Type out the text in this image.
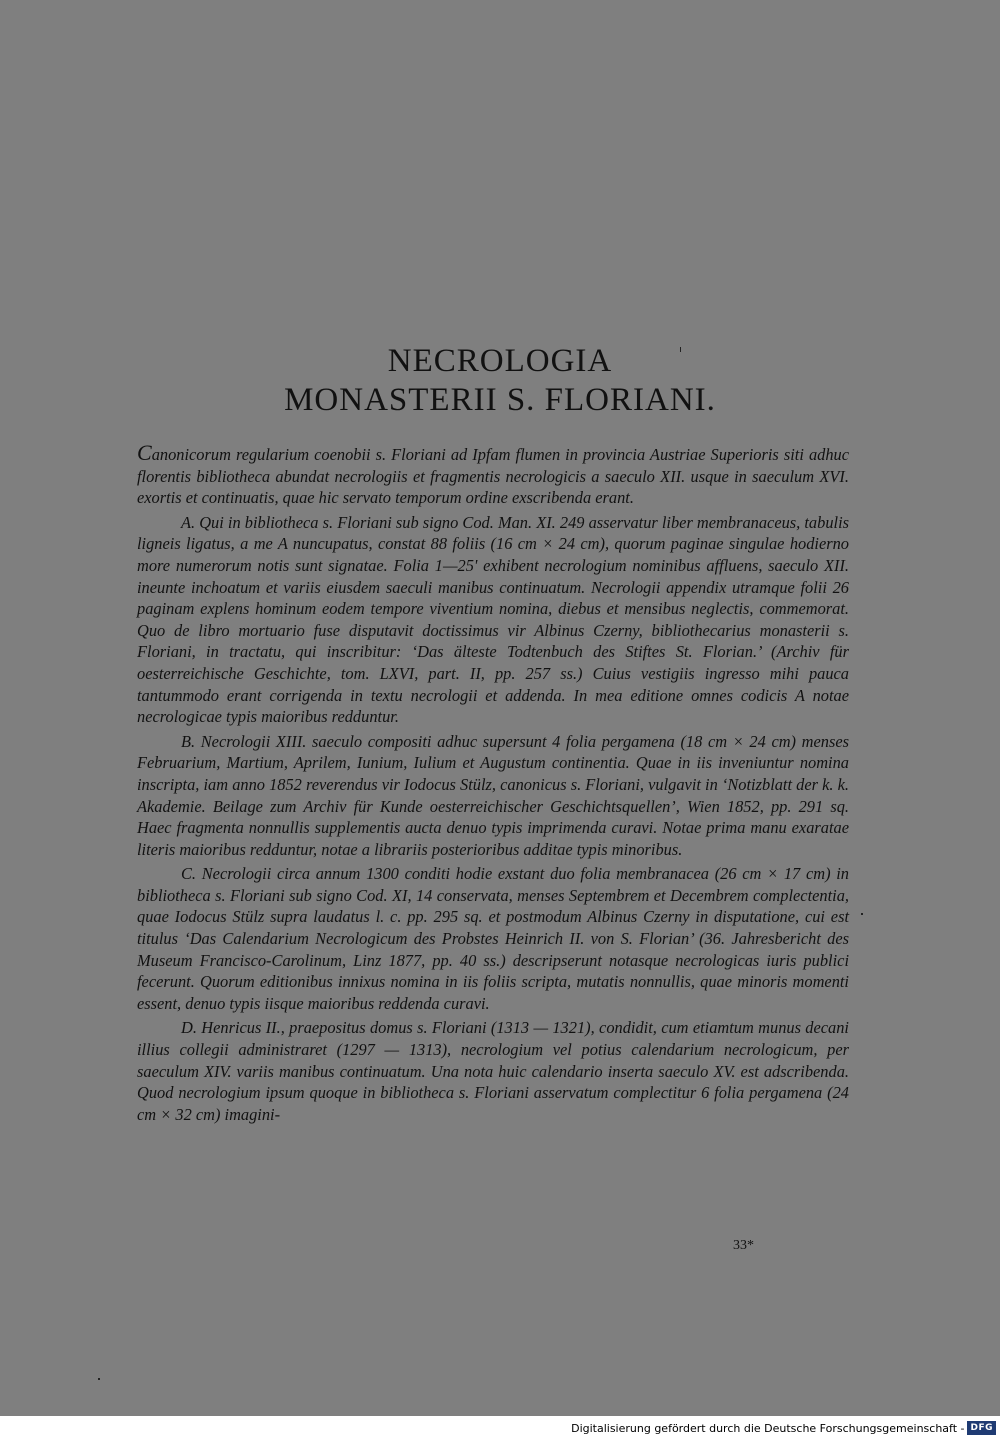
NECROLOGIA
MONASTERII S. FLORIANI.

Canonicorum regularium coenobii s. Floriani ad Ipfam flumen in provincia Austriae Superioris siti adhuc florentis bibliotheca abundat necrologiis et fragmentis necrologicis a saeculo XII. usque in saeculum XVI. exortis et continuatis, quae hic servato temporum ordine exscribenda erant.

A. Qui in bibliotheca s. Floriani sub signo Cod. Man. XI. 249 asservatur liber membranaceus, tabulis ligneis ligatus, a me A nuncupatus, constat 88 foliis (16 cm × 24 cm), quorum paginae singulae hodierno more numerorum notis sunt signatae. Folia 1—25' exhibent necrologium nominibus affluens, saeculo XII. ineunte inchoatum et variis eiusdem saeculi manibus continuatum. Necrologii appendix utramque folii 26 paginam explens hominum eodem tempore viventium nomina, diebus et mensibus neglectis, commemorat. Quo de libro mortuario fuse disputavit doctissimus vir Albinus Czerny, bibliothecarius monasterii s. Floriani, in tractatu, qui inscribitur: ‘Das älteste Todtenbuch des Stiftes St. Florian.’ (Archiv für oesterreichische Geschichte, tom. LXVI, part. II, pp. 257 ss.) Cuius vestigiis ingresso mihi pauca tantummodo erant corrigenda in textu necrologii et addenda. In mea editione omnes codicis A notae necrologicae typis maioribus redduntur.

B. Necrologii XIII. saeculo compositi adhuc supersunt 4 folia pergamena (18 cm × 24 cm) menses Februarium, Martium, Aprilem, Iunium, Iulium et Augustum continentia. Quae in iis inveniuntur nomina inscripta, iam anno 1852 reverendus vir Iodocus Stülz, canonicus s. Floriani, vulgavit in ‘Notizblatt der k. k. Akademie. Beilage zum Archiv für Kunde oesterreichischer Geschichtsquellen’, Wien 1852, pp. 291 sq. Haec fragmenta nonnullis supplementis aucta denuo typis imprimenda curavi. Notae prima manu exaratae literis maioribus redduntur, notae a librariis posterioribus additae typis minoribus.

C. Necrologii circa annum 1300 conditi hodie exstant duo folia membranacea (26 cm × 17 cm) in bibliotheca s. Floriani sub signo Cod. XI, 14 conservata, menses Septembrem et Decembrem complectentia, quae Iodocus Stülz supra laudatus l. c. pp. 295 sq. et postmodum Albinus Czerny in disputatione, cui est titulus ‘Das Calendarium Necrologicum des Probstes Heinrich II. von S. Florian’ (36. Jahresbericht des Museum Francisco-Carolinum, Linz 1877, pp. 40 ss.) descripserunt notasque necrologicas iuris publici fecerunt. Quorum editionibus innixus nomina in iis foliis scripta, mutatis nonnullis, quae minoris momenti essent, denuo typis iisque maioribus reddenda curavi.

D. Henricus II., praepositus domus s. Floriani (1313 — 1321), condidit, cum etiamtum munus decani illius collegii administraret (1297 — 1313), necrologium vel potius calendarium necrologicum, per saeculum XIV. variis manibus continuatum. Una nota huic calendario inserta saeculo XV. est adscribenda. Quod necrologium ipsum quoque in bibliotheca s. Floriani asservatum complectitur 6 folia pergamena (24 cm × 32 cm) imagini-

33*
Digitalisierung gefördert durch die Deutsche Forschungsgemeinschaft - DFG
